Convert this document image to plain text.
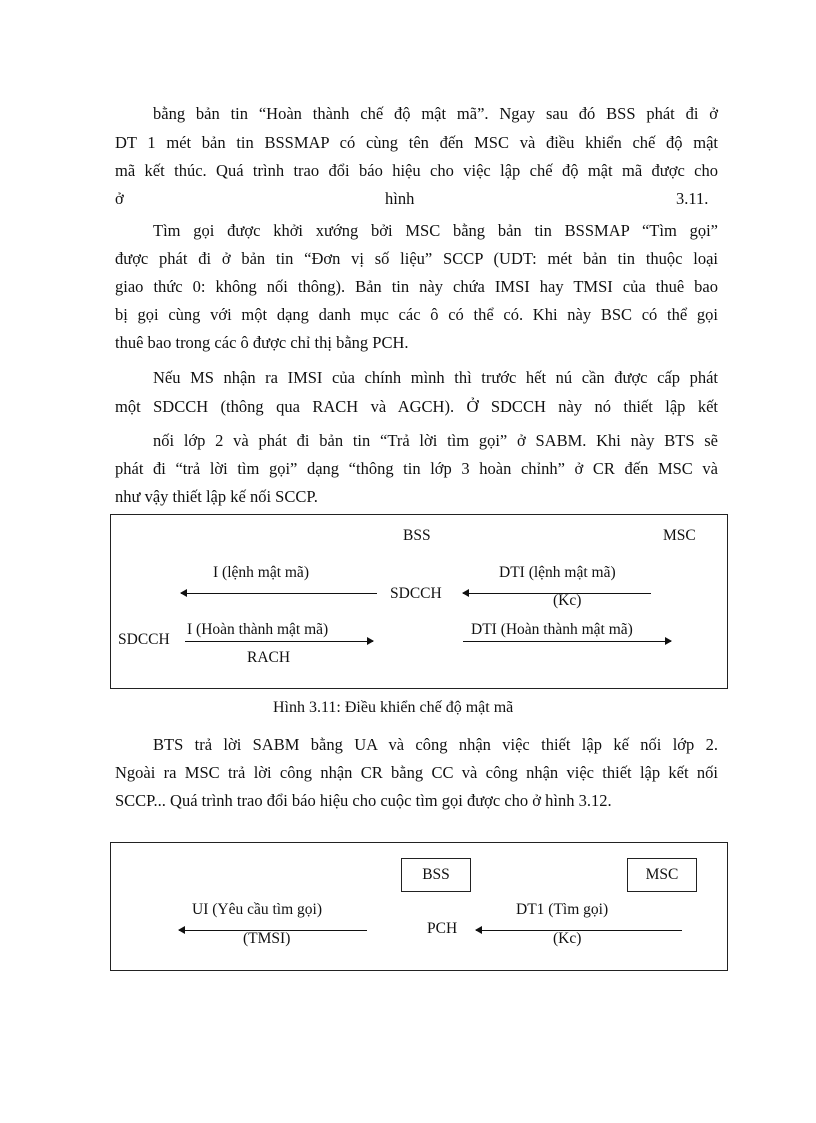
bằng bản tin “Hoàn thành chế độ mật mã”. Ngay sau đó BSS phát đi ở
DT 1 mét bản tin BSSMAP có cùng tên đến MSC và điều khiển chế độ mật
mã kết thúc. Quá trình trao đổi báo hiệu cho việc lập chế độ mật mã được cho
ở	hình	3.11.
Tìm gọi được khởi xướng bởi MSC bằng bản tin BSSMAP “Tìm gọi”
được phát đi ở bản tin “Đơn vị số liệu” SCCP (UDT: mét bản tin thuộc loại
giao thức 0: không nối thông). Bản tin này chứa IMSI hay TMSI của thuê bao
bị gọi cùng với một dạng danh mục các ô có thể có. Khi này BSC có thể gọi
thuê bao trong các ô được chỉ thị bằng PCH.
Nếu MS nhận ra IMSI của chính mình thì trước hết nú cần được cấp phát
một SDCCH (thông qua RACH và AGCH). Ở SDCCH này nó thiết lập kết
nối lớp 2 và phát đi bản tin “Trả lời tìm gọi” ở SABM. Khi này BTS sẽ
phát đi “trả lời tìm gọi” dạng “thông tin lớp 3 hoàn chỉnh” ở CR đến MSC và
như vậy thiết lập kế nối SCCP.
BSS	MSC
I (lệnh mật mã)
SDCCH
DTI (lệnh mật mã)
(Kc)
SDCCH
I (Hoàn thành mật mã)
RACH
DTI (Hoàn thành mật mã)
Hình 3.11: Điều khiển chế độ mật mã
BTS trả lời SABM bằng UA và công nhận việc thiết lập kế nối lớp 2.
Ngoài ra MSC trả lời công nhận CR bằng CC và công nhận việc thiết lập kết nối
SCCP... Quá trình trao đổi báo hiệu cho cuộc tìm gọi được cho ở hình 3.12.
BSS	MSC
UI (Yêu cầu tìm gọi)
(TMSI)
PCH
DT1 (Tìm gọi)
(Kc)
